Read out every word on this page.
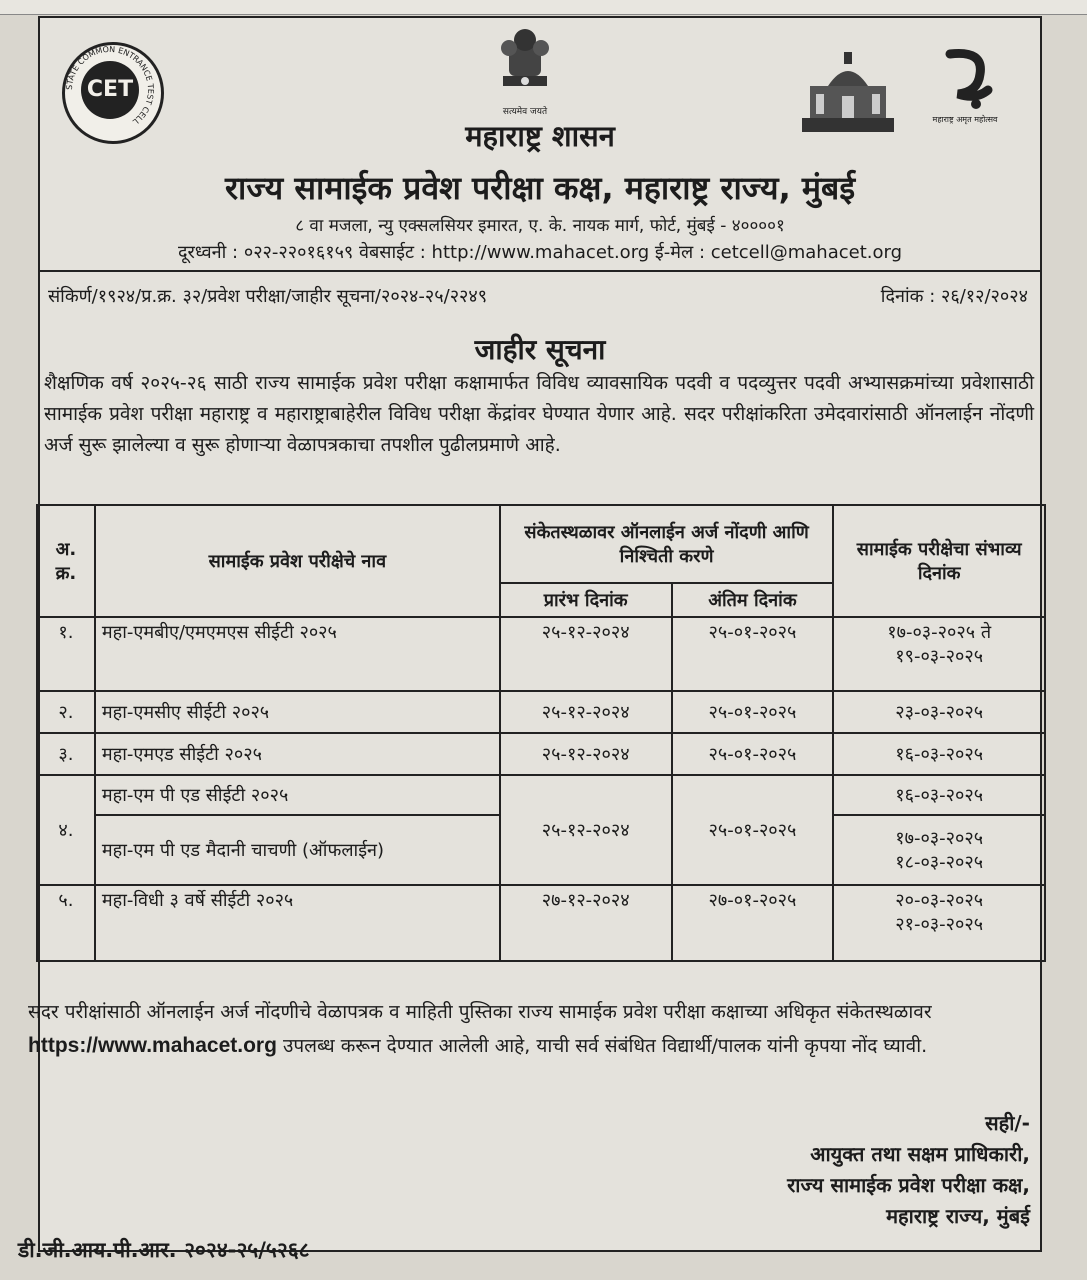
STATE COMMON ENTRANCE TEST CELL
CET
सत्यमेव जयते
महाराष्ट्र अमृत महोत्सव
महाराष्ट्र शासन
राज्य सामाईक प्रवेश परीक्षा कक्ष, महाराष्ट्र राज्य, मुंबई
८ वा मजला, न्यु एक्सलसियर इमारत, ए. के. नायक मार्ग, फोर्ट, मुंबई - ४००००१
दूरध्वनी : ०२२-२२०१६१५९ वेबसाईट : http://www.mahacet.org ई-मेल : cetcell@mahacet.org
संकिर्ण/१९२४/प्र.क्र. ३२/प्रवेश परीक्षा/जाहीर सूचना/२०२४-२५/२२४९	दिनांक : २६/१२/२०२४
जाहीर सूचना
शैक्षणिक वर्ष २०२५-२६ साठी राज्य सामाईक प्रवेश परीक्षा कक्षामार्फत विविध व्यावसायिक पदवी व पदव्युत्तर पदवी अभ्यासक्रमांच्या प्रवेशासाठी सामाईक प्रवेश परीक्षा महाराष्ट्र व महाराष्ट्राबाहेरील विविध परीक्षा केंद्रांवर घेण्यात येणार आहे. सदर परीक्षांकरिता उमेदवारांसाठी ऑनलाईन नोंदणी अर्ज सुरू झालेल्या व सुरू होणाऱ्या वेळापत्रकाचा तपशील पुढीलप्रमाणे आहे.
अ.
क्र.	सामाईक प्रवेश परीक्षेचे नाव	संकेतस्थळावर ऑनलाईन अर्ज नोंदणी आणि निश्चिती करणे		सामाईक परीक्षेचा संभाव्य दिनांक
		प्रारंभ दिनांक	अंतिम दिनांक	
१.	महा-एमबीए/एमएमएस सीईटी २०२५	२५-१२-२०२४	२५-०१-२०२५	१७-०३-२०२५ ते
१९-०३-२०२५

२.	महा-एमसीए सीईटी २०२५	२५-१२-२०२४	२५-०१-२०२५	२३-०३-२०२५
३.	महा-एमएड सीईटी २०२५	२५-१२-२०२४	२५-०१-२०२५	१६-०३-२०२५
४.	महा-एम पी एड सीईटी २०२५	२५-१२-२०२४	२५-०१-२०२५	१६-०३-२०२५
	महा-एम पी एड मैदानी चाचणी (ऑफलाईन)			१७-०३-२०२५
१८-०३-२०२५

५.	महा-विधी ३ वर्षे सीईटी २०२५	२७-१२-२०२४	२७-०१-२०२५	२०-०३-२०२५
२१-०३-२०२५
सदर परीक्षांसाठी ऑनलाईन अर्ज नोंदणीचे वेळापत्रक व माहिती पुस्तिका राज्य सामाईक प्रवेश परीक्षा कक्षाच्या अधिकृत संकेतस्थळावर https://www.mahacet.org उपलब्ध करून देण्यात आलेली आहे, याची सर्व संबंधित विद्यार्थी/पालक यांनी कृपया नोंद घ्यावी.
सही/-
आयुक्त तथा सक्षम प्राधिकारी,
राज्य सामाईक प्रवेश परीक्षा कक्ष,
महाराष्ट्र राज्य, मुंबई
डी.जी.आय.पी.आर. २०२४-२५/५२६८
